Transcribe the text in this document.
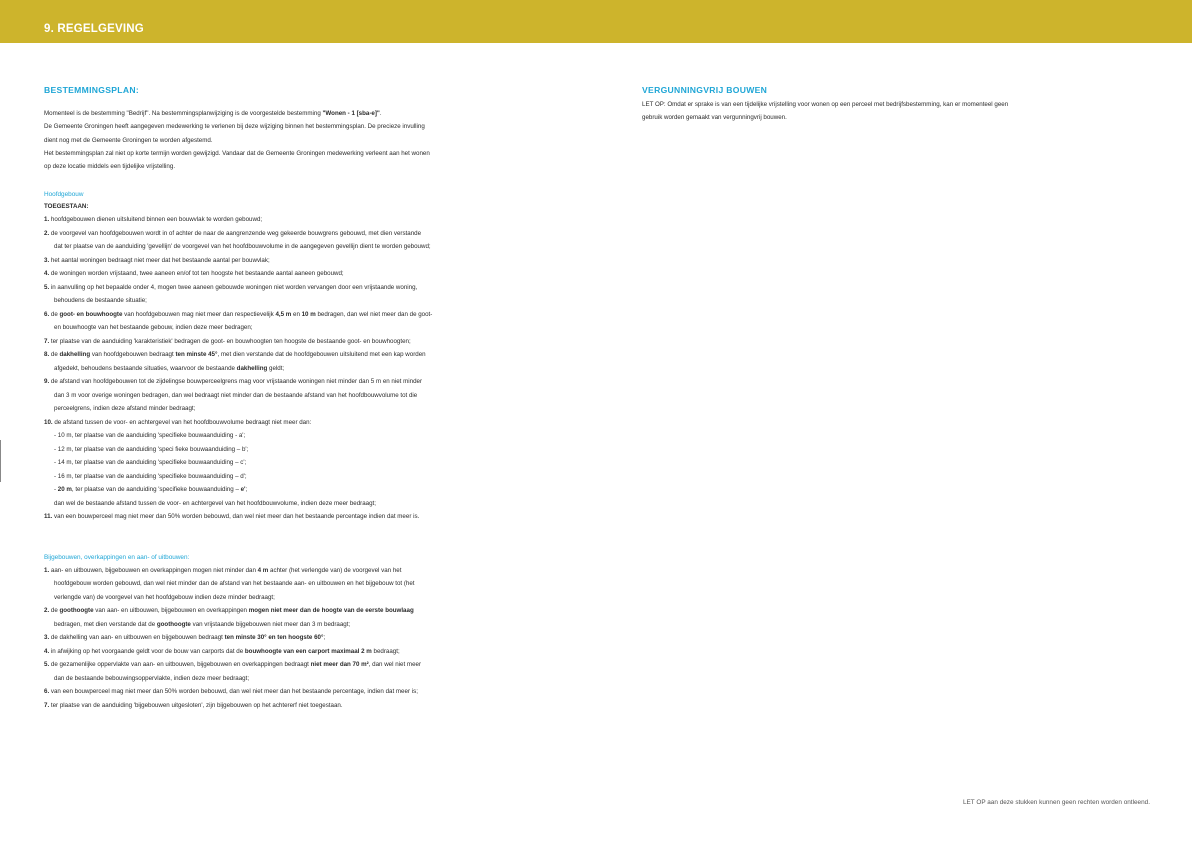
9. REGELGEVING
BESTEMMINGSPLAN:

Momenteel is de bestemming "Bedrijf". Na bestemmingsplanwijziging is de voorgestelde bestemming "Wonen - 1 [sba-e]".

De Gemeente Groningen heeft aangegeven medewerking te verlenen bij deze wijziging binnen het bestemmingsplan. De precieze invulling

dient nog met de Gemeente Groningen te worden afgestemd.

Het bestemmingsplan zal niet op korte termijn worden gewijzigd. Vandaar dat de Gemeente Groningen medewerking verleent aan het wonen

op deze locatie middels een tijdelijke vrijstelling.

Hoofdgebouw
TOEGESTAAN:
1. hoofdgebouwen dienen uitsluitend binnen een bouwvlak te worden gebouwd;
2. de voorgevel van hoofdgebouwen wordt in of achter de naar de aangrenzende weg gekeerde bouwgrens gebouwd, met dien verstande
dat ter plaatse van de aanduiding 'gevellijn' de voorgevel van het hoofdbouwvolume in de aangegeven gevellijn dient te worden gebouwd;
3. het aantal woningen bedraagt niet meer dat het bestaande aantal per bouwvlak;
4. de woningen worden vrijstaand, twee aaneen en/of tot ten hoogste het bestaande aantal aaneen gebouwd;
5. in aanvulling op het bepaalde onder 4, mogen twee aaneen gebouwde woningen niet worden vervangen door een vrijstaande woning,
behoudens de bestaande situatie;
6. de goot- en bouwhoogte van hoofdgebouwen mag niet meer dan respectievelijk 4,5 m en 10 m bedragen, dan wel niet meer dan de goot-
en bouwhoogte van het bestaande gebouw, indien deze meer bedragen;
7. ter plaatse van de aanduiding 'karakteristiek' bedragen de goot- en bouwhoogten ten hoogste de bestaande goot- en bouwhoogten;
8. de dakhelling van hoofdgebouwen bedraagt ten minste 45°, met dien verstande dat de hoofdgebouwen uitsluitend met een kap worden
afgedekt, behoudens bestaande situaties, waarvoor de bestaande dakhelling geldt;
9. de afstand van hoofdgebouwen tot de zijdelingse bouwperceelgrens mag voor vrijstaande woningen niet minder dan 5 m en niet minder
dan 3 m voor overige woningen bedragen, dan wel bedraagt niet minder dan de bestaande afstand van het hoofdbouwvolume tot die
perceelgrens, indien deze afstand minder bedraagt;
10. de afstand tussen de voor- en achtergevel van het hoofdbouwvolume bedraagt niet meer dan:
- 10 m, ter plaatse van de aanduiding 'specifieke bouwaanduiding - a';
- 12 m, ter plaatse van de aanduiding 'speci fieke bouwaanduiding – b';
- 14 m, ter plaatse van de aanduiding 'specifieke bouwaanduiding – c';
- 16 m, ter plaatse van de aanduiding 'specifieke bouwaanduiding – d';
- 20 m, ter plaatse van de aanduiding 'specifieke bouwaanduiding – e';
dan wel de bestaande afstand tussen de voor- en achtergevel van het hoofdbouwvolume, indien deze meer bedraagt;
11. van een bouwperceel mag niet meer dan 50% worden bebouwd, dan wel niet meer dan het bestaande percentage indien dat meer is.
Bijgebouwen, overkappingen en aan- of uitbouwen:
1. aan- en uitbouwen, bijgebouwen en overkappingen mogen niet minder dan 4 m achter (het verlengde van) de voorgevel van het
hoofdgebouw worden gebouwd, dan wel niet minder dan de afstand van het bestaande aan- en uitbouwen en het bijgebouw tot (het
verlengde van) de voorgevel van het hoofdgebouw indien deze minder bedraagt;
2. de goothoogte van aan- en uitbouwen, bijgebouwen en overkappingen mogen niet meer dan de hoogte van de eerste bouwlaag
bedragen, met dien verstande dat de goothoogte van vrijstaande bijgebouwen niet meer dan 3 m bedraagt;
3. de dakhelling van aan- en uitbouwen en bijgebouwen bedraagt ten minste 30° en ten hoogste 60°;
4. in afwijking op het voorgaande geldt voor de bouw van carports dat de bouwhoogte van een carport maximaal 2 m bedraagt;
5. de gezamenlijke oppervlakte van aan- en uitbouwen, bijgebouwen en overkappingen bedraagt niet meer dan 70 m², dan wel niet meer
dan de bestaande bebouwingsoppervlakte, indien deze meer bedraagt;
6. van een bouwperceel mag niet meer dan 50% worden bebouwd, dan wel niet meer dan het bestaande percentage, indien dat meer is;
7. ter plaatse van de aanduiding 'bijgebouwen uitgesloten', zijn bijgebouwen op het achtererf niet toegestaan.
VERGUNNINGVRIJ BOUWEN

LET OP: Omdat er sprake is van een tijdelijke vrijstelling voor wonen op een perceel met bedrijfsbestemming, kan er momenteel geen

gebruik worden gemaakt van vergunningvrij bouwen.

LET OP aan deze stukken kunnen geen rechten worden ontleend.
